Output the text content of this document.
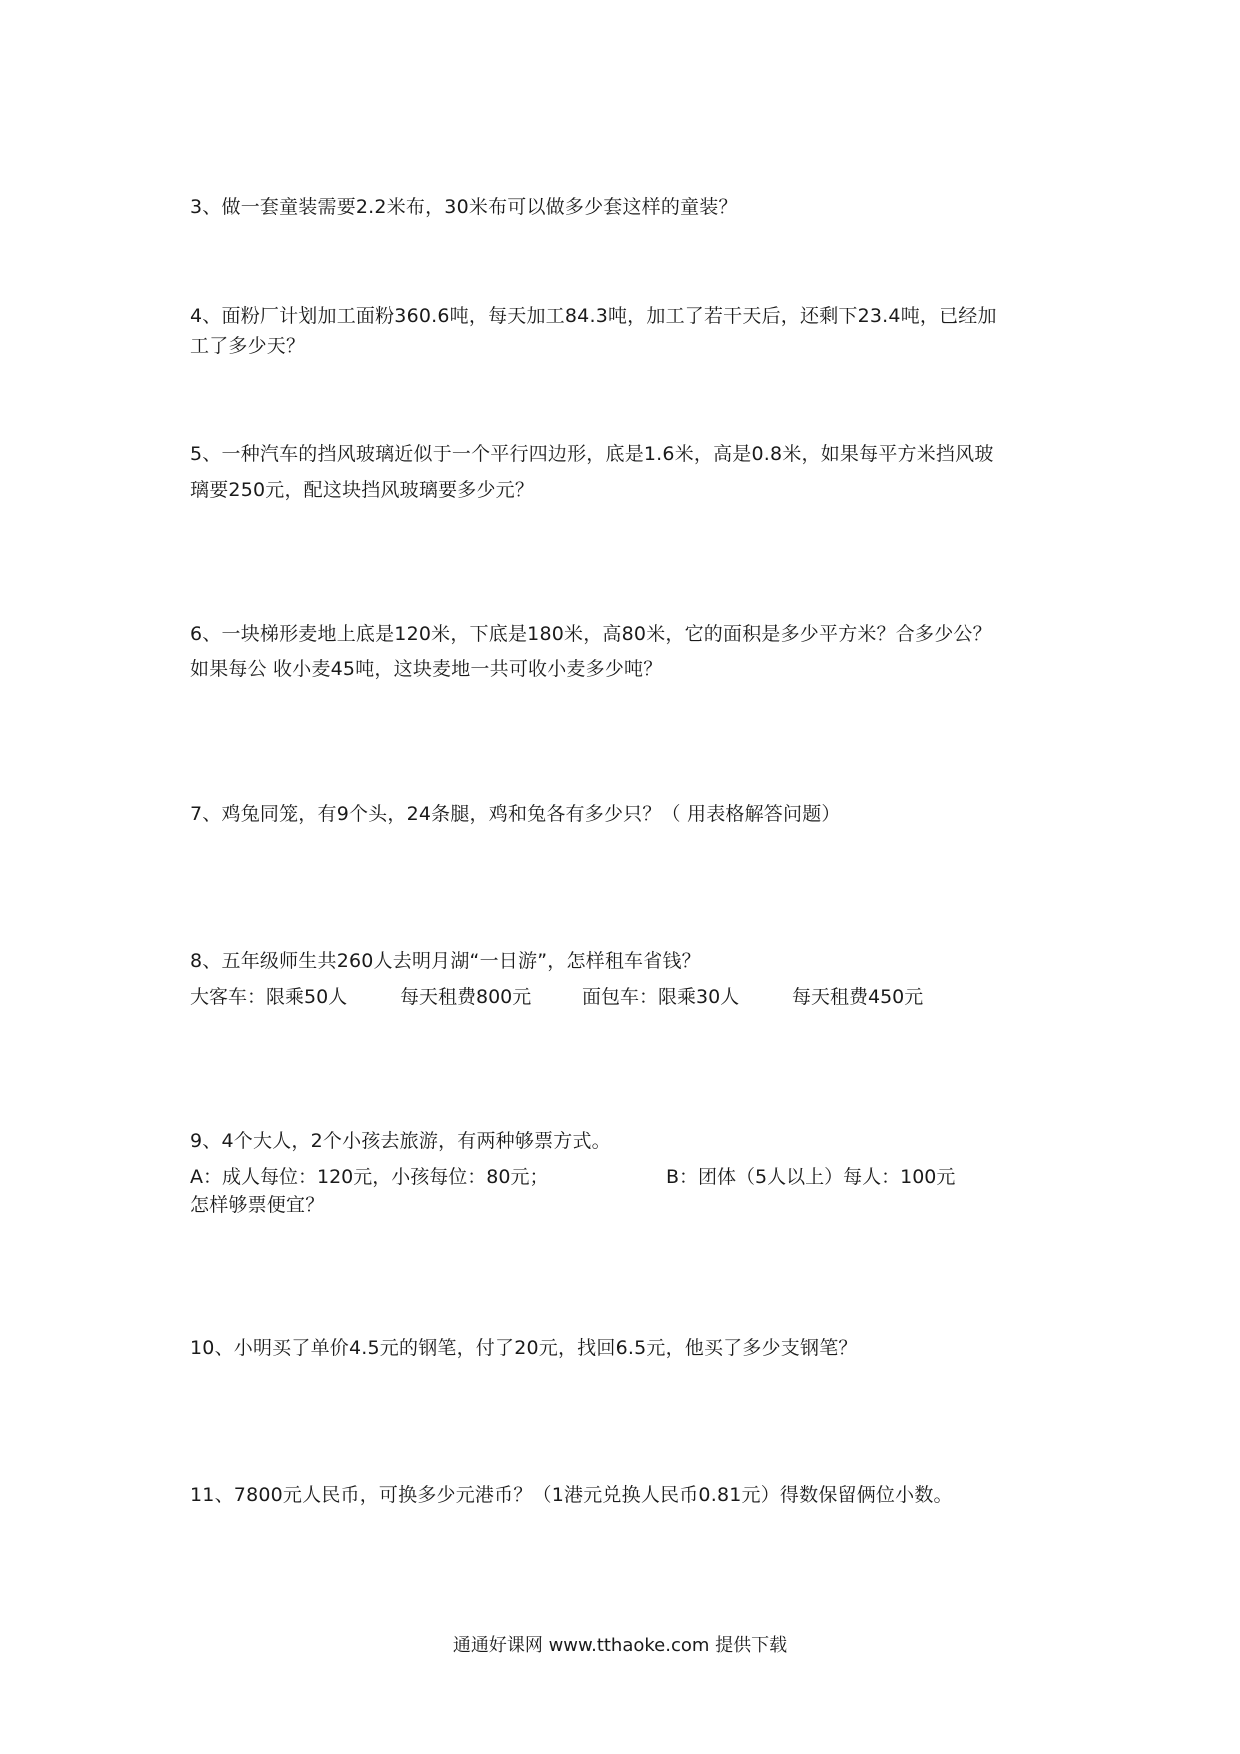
3、做一套童装需要2.2米布，30米布可以做多少套这样的童装？
4、面粉厂计划加工面粉360.6吨，每天加工84.3吨，加工了若干天后，还剩下23.4吨，已经加
工了多少天？
5、一种汽车的挡风玻璃近似于一个平行四边形，底是1.6米，高是0.8米，如果每平方米挡风玻
璃要250元，配这块挡风玻璃要多少元？
6、一块梯形麦地上底是120米，下底是180米，高80米，它的面积是多少平方米？合多少公？
如果每公 收小麦45吨，这块麦地一共可收小麦多少吨？
7、鸡兔同笼，有9个头，24条腿，鸡和兔各有多少只？（ 用表格解答问题）
8、五年级师生共260人去明月湖“一日游”，怎样租车省钱？
大客车：限乘50人	每天租费800元	面包车：限乘30人	每天租费450元
9、4个大人，2个小孩去旅游，有两种够票方式。
A：成人每位：120元，小孩每位：80元；	B：团体（5人以上）每人：100元
怎样够票便宜？
10、小明买了单价4.5元的钢笔，付了20元，找回6.5元，他买了多少支钢笔？
11、7800元人民币，可换多少元港币？（1港元兑换人民币0.81元）得数保留俩位小数。
通通好课网 www.tthaoke.com 提供下载
